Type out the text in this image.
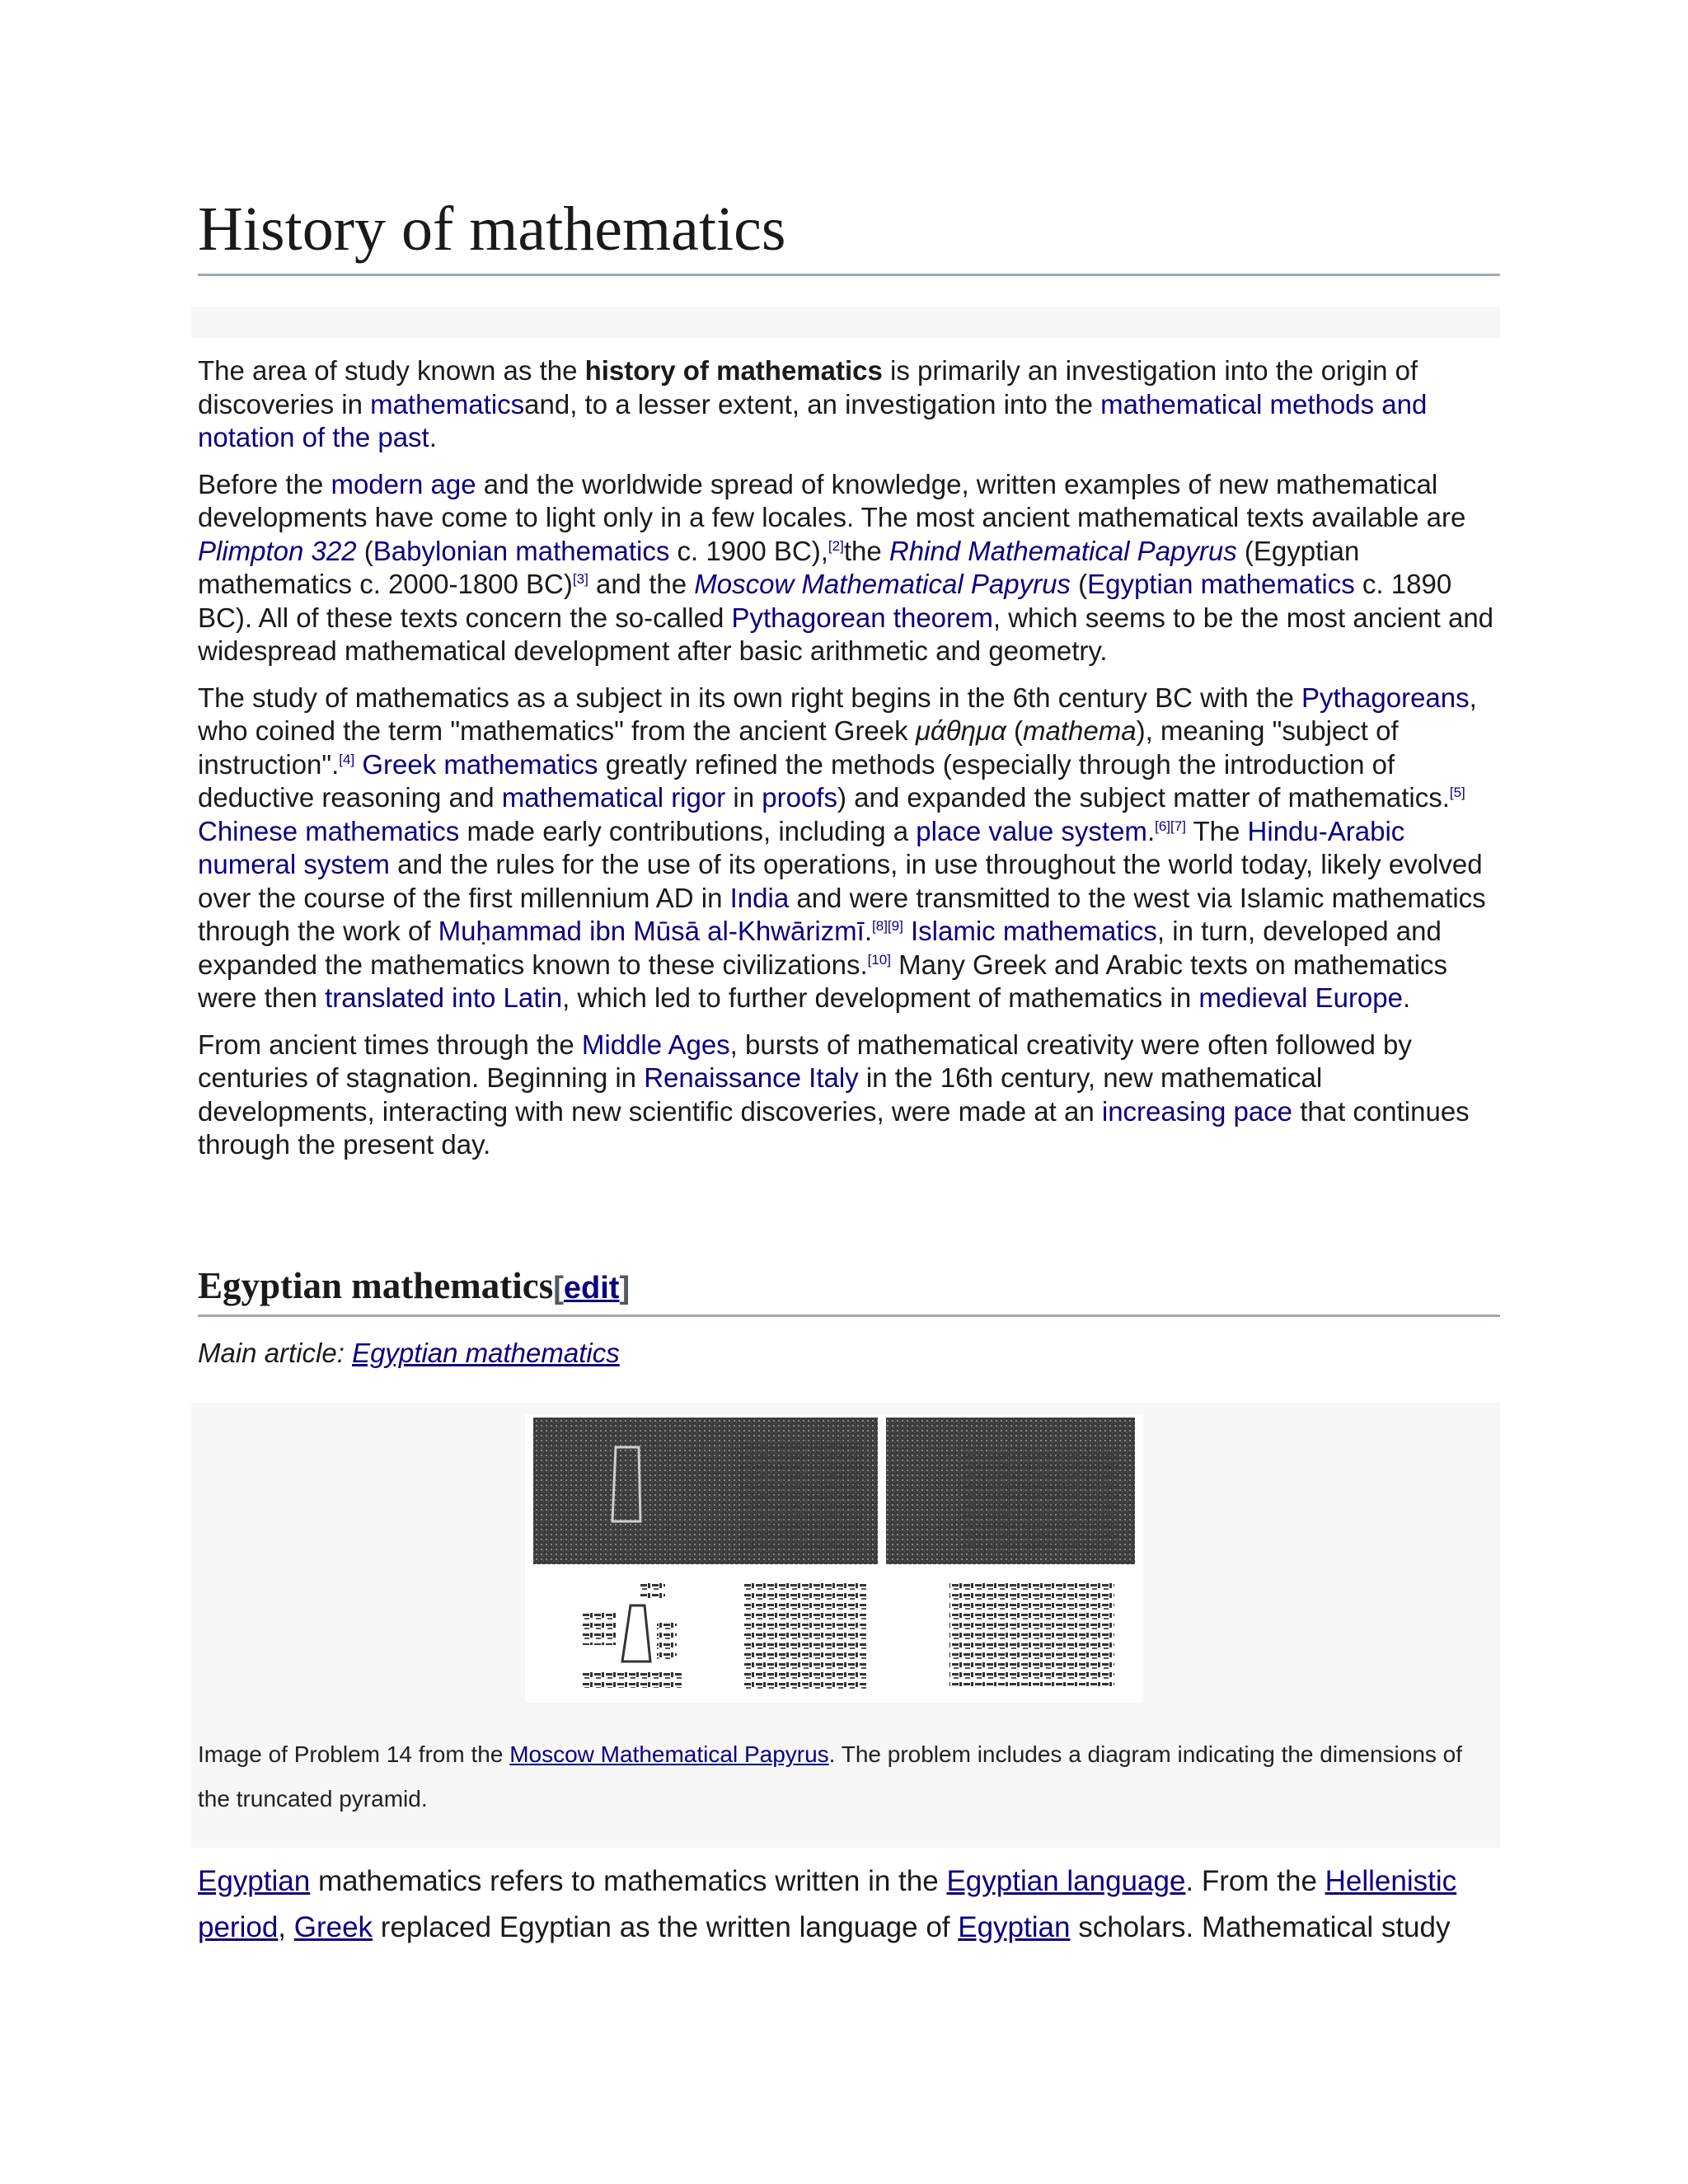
History of mathematics

The area of study known as the history of mathematics is primarily an investigation into the origin of discoveries in mathematicsand, to a lesser extent, an investigation into the mathematical methods and notation of the past.

Before the modern age and the worldwide spread of knowledge, written examples of new mathematical developments have come to light only in a few locales. The most ancient mathematical texts available are Plimpton 322 (Babylonian mathematics c. 1900 BC),[2]the Rhind Mathematical Papyrus (Egyptian mathematics c. 2000-1800 BC)[3] and the Moscow Mathematical Papyrus (Egyptian mathematics c. 1890 BC). All of these texts concern the so-called Pythagorean theorem, which seems to be the most ancient and widespread mathematical development after basic arithmetic and geometry.

The study of mathematics as a subject in its own right begins in the 6th century BC with the Pythagoreans, who coined the term "mathematics" from the ancient Greek μάθημα (mathema), meaning "subject of instruction".[4] Greek mathematics greatly refined the methods (especially through the introduction of deductive reasoning and mathematical rigor in proofs) and expanded the subject matter of mathematics.[5] Chinese mathematics made early contributions, including a place value system.[6][7] The Hindu-Arabic numeral system and the rules for the use of its operations, in use throughout the world today, likely evolved over the course of the first millennium AD in India and were transmitted to the west via Islamic mathematics through the work of Muḥammad ibn Mūsā al-Khwārizmī.[8][9] Islamic mathematics, in turn, developed and expanded the mathematics known to these civilizations.[10] Many Greek and Arabic texts on mathematics were then translated into Latin, which led to further development of mathematics in medieval Europe.

From ancient times through the Middle Ages, bursts of mathematical creativity were often followed by centuries of stagnation. Beginning in Renaissance Italy in the 16th century, new mathematical developments, interacting with new scientific discoveries, were made at an increasing pace that continues through the present day.

Egyptian mathematics[edit]
Main article: Egyptian mathematics
Image of Problem 14 from the Moscow Mathematical Papyrus. The problem includes a diagram indicating the dimensions of the truncated pyramid.
Egyptian mathematics refers to mathematics written in the Egyptian language. From the Hellenistic period, Greek replaced Egyptian as the written language of Egyptian scholars. Mathematical study
